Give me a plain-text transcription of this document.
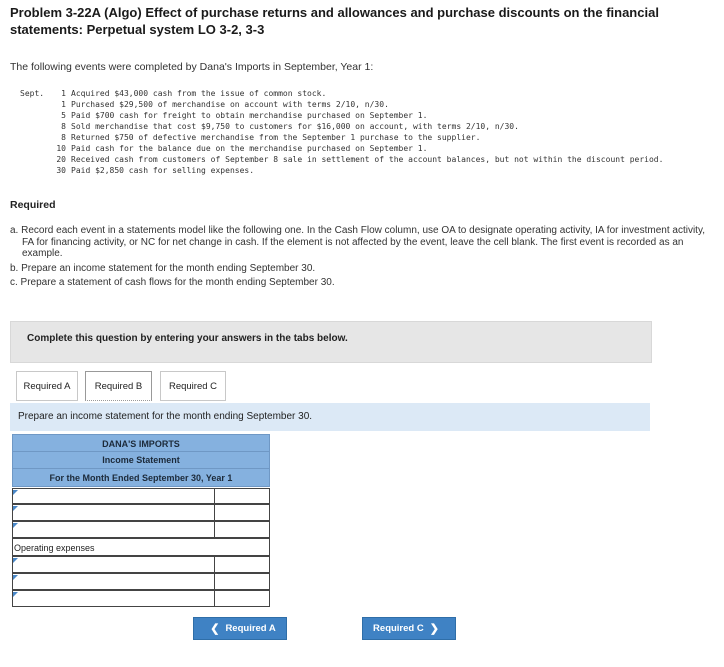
Problem 3-22A (Algo) Effect of purchase returns and allowances and purchase discounts on the financial statements: Perpetual system LO 3-2, 3-3
The following events were completed by Dana's Imports in September, Year 1:
Sept.	1 Acquired $43,000 cash from the issue of common stock.
1 Purchased $29,500 of merchandise on account with terms 2/10, n/30.
5 Paid $700 cash for freight to obtain merchandise purchased on September 1.
8 Sold merchandise that cost $9,750 to customers for $16,000 on account, with terms 2/10, n/30.
8 Returned $750 of defective merchandise from the September 1 purchase to the supplier.
10 Paid cash for the balance due on the merchandise purchased on September 1.
20 Received cash from customers of September 8 sale in settlement of the account balances, but not within the discount period.
30 Paid $2,850 cash for selling expenses.
Required

a. Record each event in a statements model like the following one. In the Cash Flow column, use OA to designate operating activity, IA for investment activity, FA for financing activity, or NC for net change in cash. If the element is not affected by the event, leave the cell blank. The first event is recorded as an example.

b. Prepare an income statement for the month ending September 30.

c. Prepare a statement of cash flows for the month ending September 30.

Complete this question by entering your answers in the tabs below.
Required A	Required B	Required C
Prepare an income statement for the month ending September 30.
DANA'S IMPORTS
Income Statement
For the Month Ended September 30, Year 1
Operating expenses
❮ Required A	Required C ❯
